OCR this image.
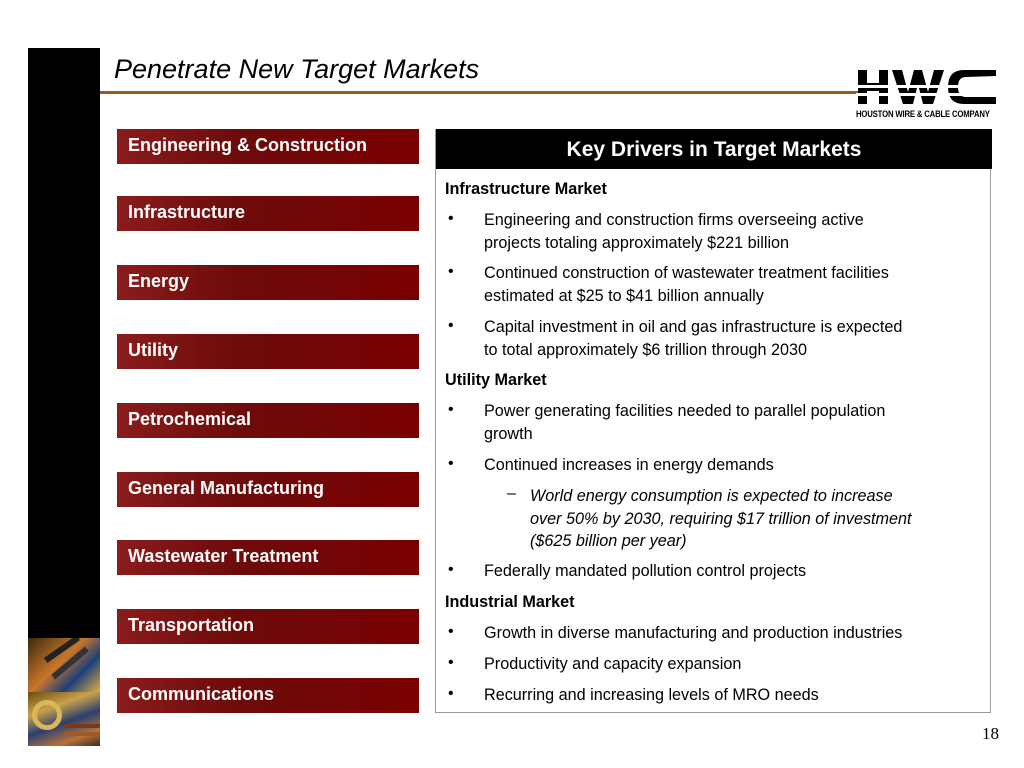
Penetrate New Target Markets
HOUSTON WIRE & CABLE COMPANY
Engineering & Construction
Infrastructure
Energy
Utility
Petrochemical
General Manufacturing
Wastewater Treatment
Transportation
Communications
Key Drivers in Target Markets
Infrastructure Market
• Engineering and construction firms overseeing active
projects totaling approximately $221 billion
• Continued construction of wastewater treatment facilities
estimated at $25 to $41 billion annually
• Capital investment in oil and gas infrastructure is expected
to total approximately $6 trillion through 2030
Utility Market
• Power generating facilities needed to parallel population
growth
• Continued increases in energy demands
– World energy consumption is expected to increase
over 50% by 2030, requiring $17 trillion of investment
($625 billion per year)
• Federally mandated pollution control projects
Industrial Market
• Growth in diverse manufacturing and production industries
• Productivity and capacity expansion
• Recurring and increasing levels of MRO needs
18
